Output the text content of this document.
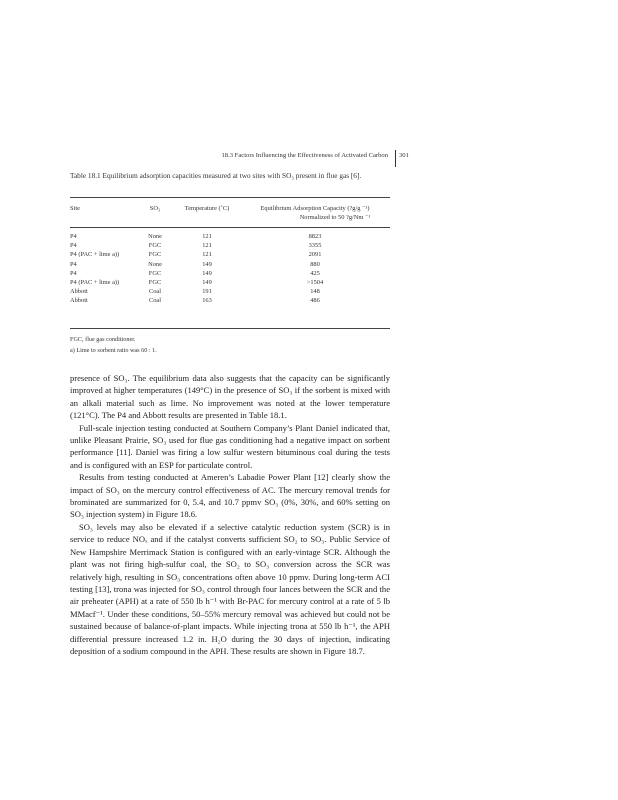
18.3 Factors Influencing the Effectiveness of Activated Carbon 301
Table 18.1 Equilibrium adsorption capacities measured at two sites with SO₃ present in flue gas [6].
Site	SO₃	Temperature (˚C)	Equilibrium Adsorption Capacity (?g/g ⁻¹)
Normalized to 50 ?g/Nm ⁻¹

P4	None	121	8823
P4	FGC	121	3355
P4 (PAC + lime a))	FGC	121	2091
P4	None	149	880
P4	FGC	149	425
P4 (PAC + lime a))	FGC	149	>1504
Abbott	Coal	191	148
Abbott	Coal	163	486
FGC, flue gas conditioner.
a) Lime to sorbent ratio was 60 : 1.

presence of SO₃. The equilibrium data also suggests that the capacity can be significantly improved at higher temperatures (149°C) in the presence of SO₃ if the sorbent is mixed with an alkali material such as lime. No improvement was noted at the lower temperature (121°C). The P4 and Abbott results are presented in Table 18.1.

Full-scale injection testing conducted at Southern Company’s Plant Daniel indicated that, unlike Pleasant Prairie, SO₃ used for flue gas conditioning had a negative impact on sorbent performance [11]. Daniel was firing a low sulfur western bituminous coal during the tests and is configured with an ESP for particulate control.

Results from testing conducted at Ameren’s Labadie Power Plant [12] clearly show the impact of SO₃ on the mercury control effectiveness of AC. The mercury removal trends for brominated are summarized for 0, 5.4, and 10.7 ppmv SO₃ (0%, 30%, and 60% setting on SO₃ injection system) in Figure 18.6.

SO₃ levels may also be elevated if a selective catalytic reduction system (SCR) is in service to reduce NOₓ and if the catalyst converts sufficient SO₂ to SO₃. Public Service of New Hampshire Merrimack Station is configured with an early-vintage SCR. Although the plant was not firing high-sulfur coal, the SO₂ to SO₃ conversion across the SCR was relatively high, resulting in SO₃ concentrations often above 10 ppmv. During long-term ACI testing [13], trona was injected for SO₃ control through four lances between the SCR and the air preheater (APH) at a rate of 550 lb h⁻¹ with Br-PAC for mercury control at a rate of 5 lb MMacf⁻¹. Under these conditions, 50–55% mercury removal was achieved but could not be sustained because of balance-of-plant impacts. While injecting trona at 550 lb h⁻¹, the APH differential pressure increased 1.2 in. H₂O during the 30 days of injection, indicating deposition of a sodium compound in the APH. These results are shown in Figure 18.7.
